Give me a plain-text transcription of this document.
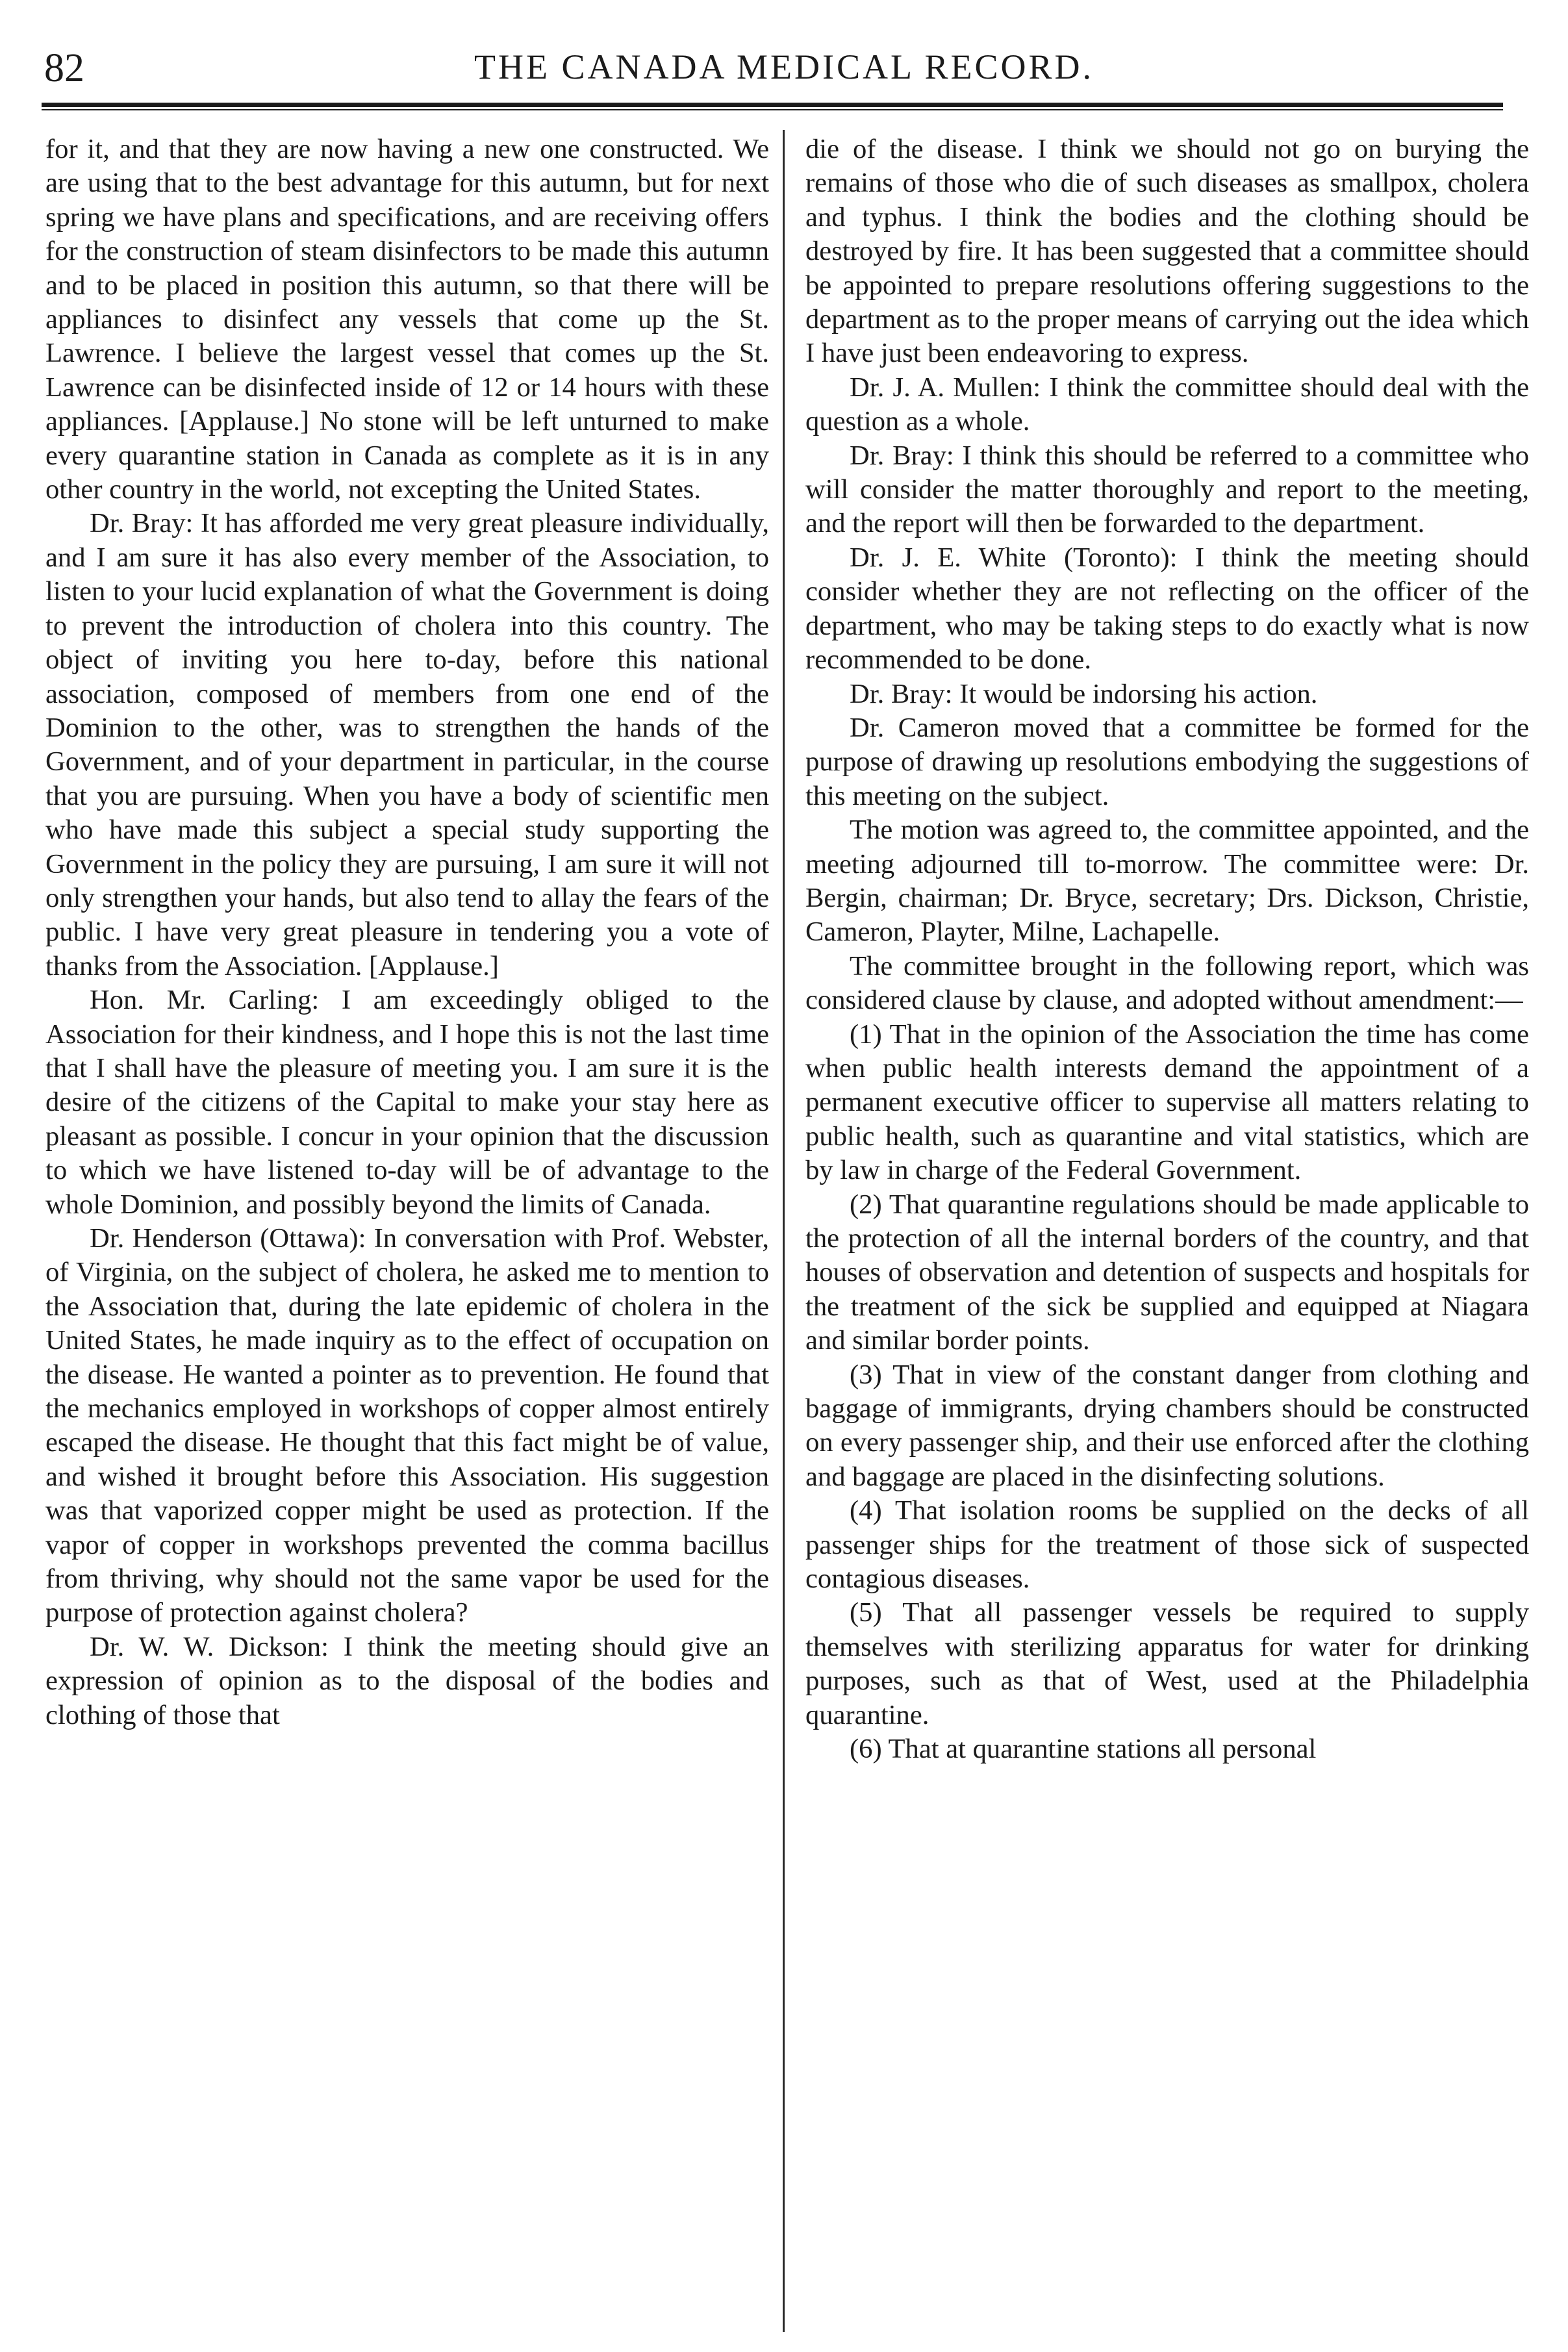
82	THE CANADA MEDICAL RECORD.

for it, and that they are now having a new one constructed. We are using that to the best advantage for this autumn, but for next spring we have plans and specifications, and are receiving offers for the construction of steam disinfectors to be made this autumn and to be placed in position this autumn, so that there will be appliances to disinfect any vessels that come up the St. Lawrence. I believe the largest vessel that comes up the St. Lawrence can be disinfected inside of 12 or 14 hours with these appliances. [Applause.] No stone will be left unturned to make every quarantine station in Canada as complete as it is in any other country in the world, not excepting the United States.

Dr. Bray: It has afforded me very great pleasure individually, and I am sure it has also every member of the Association, to listen to your lucid explanation of what the Government is doing to prevent the introduction of cholera into this country. The object of inviting you here to-day, before this national association, composed of members from one end of the Dominion to the other, was to strengthen the hands of the Government, and of your department in particular, in the course that you are pursuing. When you have a body of scientific men who have made this subject a special study supporting the Government in the policy they are pursuing, I am sure it will not only strengthen your hands, but also tend to allay the fears of the public. I have very great pleasure in tendering you a vote of thanks from the Association. [Applause.]

Hon. Mr. Carling: I am exceedingly obliged to the Association for their kindness, and I hope this is not the last time that I shall have the pleasure of meeting you. I am sure it is the desire of the citizens of the Capital to make your stay here as pleasant as possible. I concur in your opinion that the discussion to which we have listened to-day will be of advantage to the whole Dominion, and possibly beyond the limits of Canada.

Dr. Henderson (Ottawa): In conversation with Prof. Webster, of Virginia, on the subject of cholera, he asked me to mention to the Association that, during the late epidemic of cholera in the United States, he made inquiry as to the effect of occupation on the disease. He wanted a pointer as to prevention. He found that the mechanics employed in workshops of copper almost entirely escaped the disease. He thought that this fact might be of value, and wished it brought before this Association. His suggestion was that vaporized copper might be used as protection. If the vapor of copper in workshops prevented the comma bacillus from thriving, why should not the same vapor be used for the purpose of protection against cholera?

Dr. W. W. Dickson: I think the meeting should give an expression of opinion as to the disposal of the bodies and clothing of those that

die of the disease. I think we should not go on burying the remains of those who die of such diseases as smallpox, cholera and typhus. I think the bodies and the clothing should be destroyed by fire. It has been suggested that a committee should be appointed to prepare resolutions offering suggestions to the department as to the proper means of carrying out the idea which I have just been endeavoring to express.

Dr. J. A. Mullen: I think the committee should deal with the question as a whole.

Dr. Bray: I think this should be referred to a committee who will consider the matter thoroughly and report to the meeting, and the report will then be forwarded to the department.

Dr. J. E. White (Toronto): I think the meeting should consider whether they are not reflecting on the officer of the department, who may be taking steps to do exactly what is now recommended to be done.

Dr. Bray: It would be indorsing his action.

Dr. Cameron moved that a committee be formed for the purpose of drawing up resolutions embodying the suggestions of this meeting on the subject.

The motion was agreed to, the committee appointed, and the meeting adjourned till to-morrow. The committee were: Dr. Bergin, chairman; Dr. Bryce, secretary; Drs. Dickson, Christie, Cameron, Playter, Milne, Lachapelle.

The committee brought in the following report, which was considered clause by clause, and adopted without amendment:—

(1) That in the opinion of the Association the time has come when public health interests demand the appointment of a permanent executive officer to supervise all matters relating to public health, such as quarantine and vital statistics, which are by law in charge of the Federal Government.

(2) That quarantine regulations should be made applicable to the protection of all the internal borders of the country, and that houses of observation and detention of suspects and hospitals for the treatment of the sick be supplied and equipped at Niagara and similar border points.

(3) That in view of the constant danger from clothing and baggage of immigrants, drying chambers should be constructed on every passenger ship, and their use enforced after the clothing and baggage are placed in the disinfecting solutions.

(4) That isolation rooms be supplied on the decks of all passenger ships for the treatment of those sick of suspected contagious diseases.

(5) That all passenger vessels be required to supply themselves with sterilizing apparatus for water for drinking purposes, such as that of West, used at the Philadelphia quarantine.

(6) That at quarantine stations all personal
